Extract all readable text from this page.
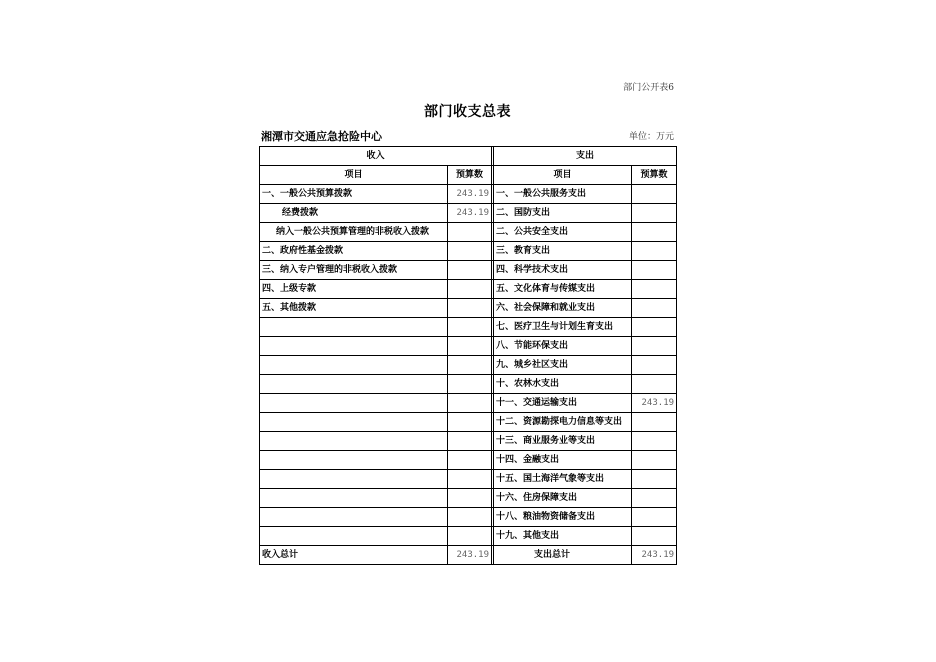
部门公开表6
部门收支总表
湘潭市交通应急抢险中心	单位：万元
收入			支出	
项目	预算数		项目	预算数
一、一般公共预算拨款	243.19		一、一般公共服务支出	
经费拨款	243.19		二、国防支出	
纳入一般公共预算管理的非税收入拨款			二、公共安全支出	
二、政府性基金拨款			三、教育支出	
三、纳入专户管理的非税收入拨款			四、科学技术支出	
四、上级专款			五、文化体育与传媒支出	
五、其他拨款			六、社会保障和就业支出	
			七、医疗卫生与计划生育支出	
			八、节能环保支出	
			九、城乡社区支出	
			十、农林水支出	
			十一、交通运输支出	243.19
			十二、资源勘探电力信息等支出	
			十三、商业服务业等支出	
			十四、金融支出	
			十五、国土海洋气象等支出	
			十六、住房保障支出	
			十八、粮油物资储备支出	
			十九、其他支出	
收入总计	243.19		支出总计	243.19
